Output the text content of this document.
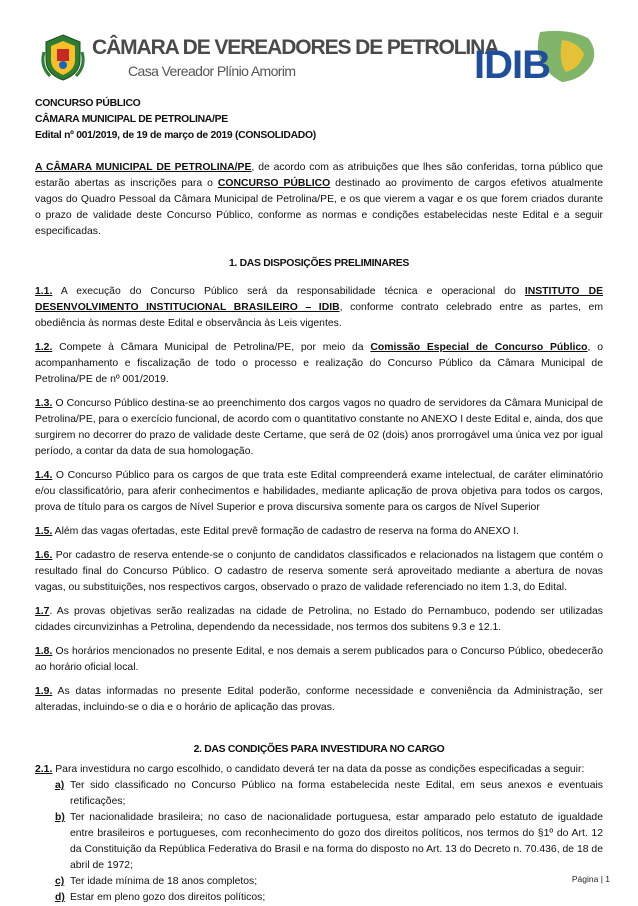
CÂMARA DE VEREADORES DE PETROLINA
Casa Vereador Plínio Amorim	IDIB

CONCURSO PÚBLICO

CÂMARA MUNICIPAL DE PETROLINA/PE

Edital nº 001/2019, de 19 de março de 2019 (CONSOLIDADO)

A CÂMARA MUNICIPAL DE PETROLINA/PE, de acordo com as atribuições que lhes são conferidas, torna público que estarão abertas as inscrições para o CONCURSO PÚBLICO destinado ao provimento de cargos efetivos atualmente vagos do Quadro Pessoal da Câmara Municipal de Petrolina/PE, e os que vierem a vagar e os que forem criados durante o prazo de validade deste Concurso Público, conforme as normas e condições estabelecidas neste Edital e a seguir especificadas.

1. DAS DISPOSIÇÕES PRELIMINARES

1.1. A execução do Concurso Público será da responsabilidade técnica e operacional do INSTITUTO DE DESENVOLVIMENTO INSTITUCIONAL BRASILEIRO – IDIB, conforme contrato celebrado entre as partes, em obediência às normas deste Edital e observância às Leis vigentes.

1.2. Compete à Câmara Municipal de Petrolina/PE, por meio da Comissão Especial de Concurso Público, o acompanhamento e fiscalização de todo o processo e realização do Concurso Público da Câmara Municipal de Petrolina/PE de nº 001/2019.

1.3. O Concurso Público destina-se ao preenchimento dos cargos vagos no quadro de servidores da Câmara Municipal de Petrolina/PE, para o exercício funcional, de acordo com o quantitativo constante no ANEXO I deste Edital e, ainda, dos que surgirem no decorrer do prazo de validade deste Certame, que será de 02 (dois) anos prorrogável uma única vez por igual período, a contar da data de sua homologação.

1.4. O Concurso Público para os cargos de que trata este Edital compreenderá exame intelectual, de caráter eliminatório e/ou classificatório, para aferir conhecimentos e habilidades, mediante aplicação de prova objetiva para todos os cargos, prova de título para os cargos de Nível Superior e prova discursiva somente para os cargos de Nível Superior

1.5. Além das vagas ofertadas, este Edital prevê formação de cadastro de reserva na forma do ANEXO I.

1.6. Por cadastro de reserva entende-se o conjunto de candidatos classificados e relacionados na listagem que contém o resultado final do Concurso Público. O cadastro de reserva somente será aproveitado mediante a abertura de novas vagas, ou substituições, nos respectivos cargos, observado o prazo de validade referenciado no item 1.3, do Edital.

1.7. As provas objetivas serão realizadas na cidade de Petrolina, no Estado do Pernambuco, podendo ser utilizadas cidades circunvizinhas a Petrolina, dependendo da necessidade, nos termos dos subitens 9.3 e 12.1.

1.8. Os horários mencionados no presente Edital, e nos demais a serem publicados para o Concurso Público, obedecerão ao horário oficial local.

1.9. As datas informadas no presente Edital poderão, conforme necessidade e conveniência da Administração, ser alteradas, incluindo-se o dia e o horário de aplicação das provas.

2. DAS CONDIÇÕES PARA INVESTIDURA NO CARGO

2.1. Para investidura no cargo escolhido, o candidato deverá ter na data da posse as condições especificadas a seguir:

a) Ter sido classificado no Concurso Público na forma estabelecida neste Edital, em seus anexos e eventuais retificações;
b) Ter nacionalidade brasileira; no caso de nacionalidade portuguesa, estar amparado pelo estatuto de igualdade entre brasileiros e portugueses, com reconhecimento do gozo dos direitos políticos, nos termos do §1º do Art. 12 da Constituição da República Federativa do Brasil e na forma do disposto no Art. 13 do Decreto n. 70.436, de 18 de abril de 1972;
c) Ter idade mínima de 18 anos completos;
d) Estar em pleno gozo dos direitos políticos;
Página | 1
